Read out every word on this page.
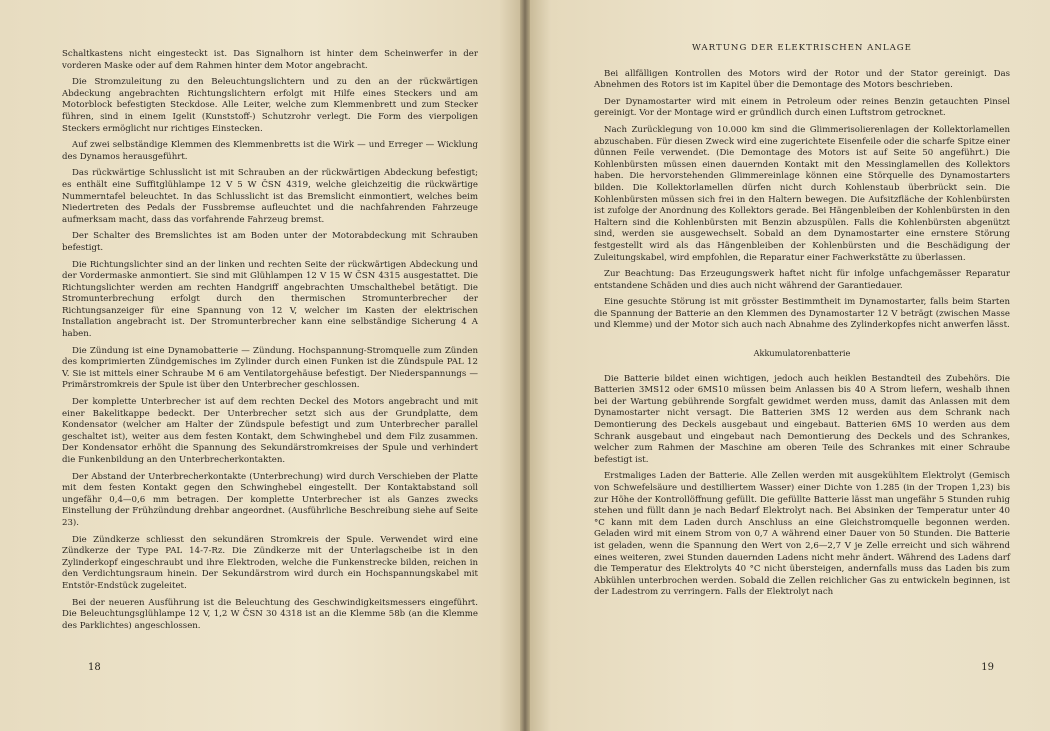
Schaltkastens nicht eingesteckt ist. Das Signalhorn ist hinter dem Scheinwerfer in der vorderen Maske oder auf dem Rahmen hinter dem Motor angebracht.

Die Stromzuleitung zu den Beleuchtungslichtern und zu den an der rückwärtigen Abdeckung angebrachten Richtungslichtern erfolgt mit Hilfe eines Steckers und am Motorblock befestigten Steckdose. Alle Leiter, welche zum Klemmenbrett und zum Stecker führen, sind in einem Igelit (Kunststoff-) Schutzrohr verlegt. Die Form des vierpoligen Steckers ermöglicht nur richtiges Einstecken.

Auf zwei selbständige Klemmen des Klemmenbretts ist die Wirk — und Erreger — Wicklung des Dynamos herausgeführt.

Das rückwärtige Schlusslicht ist mit Schrauben an der rückwärtigen Abdeckung befestigt; es enthält eine Suffitglühlampe 12 V 5 W ČSN 4319, welche gleichzeitig die rückwärtige Nummerntafel beleuchtet. In das Schlusslicht ist das Bremslicht einmontiert, welches beim Niedertreten des Pedals der Fussbremse aufleuchtet und die nachfahrenden Fahrzeuge aufmerksam macht, dass das vorfahrende Fahrzeug bremst.

Der Schalter des Bremslichtes ist am Boden unter der Motorabdeckung mit Schrauben befestigt.

Die Richtungslichter sind an der linken und rechten Seite der rückwärtigen Abdeckung und der Vordermaske anmontiert. Sie sind mit Glühlampen 12 V 15 W ČSN 4315 ausgestattet. Die Richtungslichter werden am rechten Handgriff angebrachten Umschalthebel betätigt. Die Stromunterbrechung erfolgt durch den thermischen Stromunterbrecher der Richtungsanzeiger für eine Spannung von 12 V, welcher im Kasten der elektrischen Installation angebracht ist. Der Stromunterbrecher kann eine selbständige Sicherung 4 A haben.

Die Zündung ist eine Dynamobatterie — Zündung. Hochspannung-Stromquelle zum Zünden des komprimierten Zündgemisches im Zylinder durch einen Funken ist die Zündspule PAL 12 V. Sie ist mittels einer Schraube M 6 am Ventilatorgehäuse befestigt. Der Niederspannungs — Primärstromkreis der Spule ist über den Unterbrecher geschlossen.

Der komplette Unterbrecher ist auf dem rechten Deckel des Motors angebracht und mit einer Bakelitkappe bedeckt. Der Unterbrecher setzt sich aus der Grundplatte, dem Kondensator (welcher am Halter der Zündspule befestigt und zum Unterbrecher parallel geschaltet ist), weiter aus dem festen Kontakt, dem Schwinghebel und dem Filz zusammen. Der Kondensator erhöht die Spannung des Sekundärstromkreises der Spule und verhindert die Funkenbildung an den Unterbrecherkontakten.

Der Abstand der Unterbrecherkontakte (Unterbrechung) wird durch Verschieben der Platte mit dem festen Kontakt gegen den Schwinghebel eingestellt. Der Kontaktabstand soll ungefähr 0,4—0,6 mm betragen. Der komplette Unterbrecher ist als Ganzes zwecks Einstellung der Frühzündung drehbar angeordnet. (Ausführliche Beschreibung siehe auf Seite 23).

Die Zündkerze schliesst den sekundären Stromkreis der Spule. Verwendet wird eine Zündkerze der Type PAL 14-7-Rz. Die Zündkerze mit der Unterlagscheibe ist in den Zylinderkopf eingeschraubt und ihre Elektroden, welche die Funkenstrecke bilden, reichen in den Verdichtungsraum hinein. Der Sekundärstrom wird durch ein Hochspannungskabel mit Entstör-Endstück zugeleitet.

Bei der neueren Ausführung ist die Beleuchtung des Geschwindigkeitsmessers eingeführt. Die Beleuchtungsglühlampe 12 V, 1,2 W ČSN 30 4318 ist an die Klemme 58b (an die Klemme des Parklichtes) angeschlossen.

18
WARTUNG DER ELEKTRISCHEN ANLAGE

Bei allfälligen Kontrollen des Motors wird der Rotor und der Stator gereinigt. Das Abnehmen des Rotors ist im Kapitel über die Demontage des Motors beschrieben.

Der Dynamostarter wird mit einem in Petroleum oder reines Benzin getauchten Pinsel gereinigt. Vor der Montage wird er gründlich durch einen Luftstrom getrocknet.

Nach Zurücklegung von 10.000 km sind die Glimmerisolierenlagen der Kollektorlamellen abzuschaben. Für diesen Zweck wird eine zugerichtete Eisenfeile oder die scharfe Spitze einer dünnen Feile verwendet. (Die Demontage des Motors ist auf Seite 50 angeführt.) Die Kohlenbürsten müssen einen dauernden Kontakt mit den Messinglamellen des Kollektors haben. Die hervorstehenden Glimmereinlage können eine Störquelle des Dynamostarters bilden. Die Kollektorlamellen dürfen nicht durch Kohlenstaub überbrückt sein. Die Kohlenbürsten müssen sich frei in den Haltern bewegen. Die Aufsitzfläche der Kohlenbürsten ist zufolge der Anordnung des Kollektors gerade. Bei Hängenbleiben der Kohlenbürsten in den Haltern sind die Kohlenbürsten mit Benzin abzuspülen. Falls die Kohlenbürsten abgenützt sind, werden sie ausgewechselt. Sobald an dem Dynamostarter eine ernstere Störung festgestellt wird als das Hängenbleiben der Kohlenbürsten und die Beschädigung der Zuleitungskabel, wird empfohlen, die Reparatur einer Fachwerkstätte zu überlassen.

Zur Beachtung: Das Erzeugungswerk haftet nicht für infolge unfachgemässer Reparatur entstandene Schäden und dies auch nicht während der Garantiedauer.

Eine gesuchte Störung ist mit grösster Bestimmtheit im Dynamostarter, falls beim Starten die Spannung der Batterie an den Klemmen des Dynamostarter 12 V beträgt (zwischen Masse und Klemme) und der Motor sich auch nach Abnahme des Zylinderkopfes nicht anwerfen lässt.

Akkumulatorenbatterie

Die Batterie bildet einen wichtigen, jedoch auch heiklen Bestandteil des Zubehörs. Die Batterien 3MS12 oder 6MS10 müssen beim Anlassen bis 40 A Strom liefern, weshalb ihnen bei der Wartung gebührende Sorgfalt gewidmet werden muss, damit das Anlassen mit dem Dynamostarter nicht versagt. Die Batterien 3MS 12 werden aus dem Schrank nach Demontierung des Deckels ausgebaut und eingebaut. Batterien 6MS 10 werden aus dem Schrank ausgebaut und eingebaut nach Demontierung des Deckels und des Schrankes, welcher zum Rahmen der Maschine am oberen Teile des Schrankes mit einer Schraube befestigt ist.

Erstmaliges Laden der Batterie. Alle Zellen werden mit ausgekühltem Elektrolyt (Gemisch von Schwefelsäure und destilliertem Wasser) einer Dichte von 1.285 (in der Tropen 1,23) bis zur Höhe der Kontrollöffnung gefüllt. Die gefüllte Batterie lässt man ungefähr 5 Stunden ruhig stehen und füllt dann je nach Bedarf Elektrolyt nach. Bei Absinken der Temperatur unter 40 °C kann mit dem Laden durch Anschluss an eine Gleichstromquelle begonnen werden. Geladen wird mit einem Strom von 0,7 A während einer Dauer von 50 Stunden. Die Batterie ist geladen, wenn die Spannung den Wert von 2,6—2,7 V je Zelle erreicht und sich während eines weiteren, zwei Stunden dauernden Ladens nicht mehr ändert. Während des Ladens darf die Temperatur des Elektrolyts 40 °C nicht übersteigen, andernfalls muss das Laden bis zum Abkühlen unterbrochen werden. Sobald die Zellen reichlicher Gas zu entwickeln beginnen, ist der Ladestrom zu verringern. Falls der Elektrolyt nach

19
